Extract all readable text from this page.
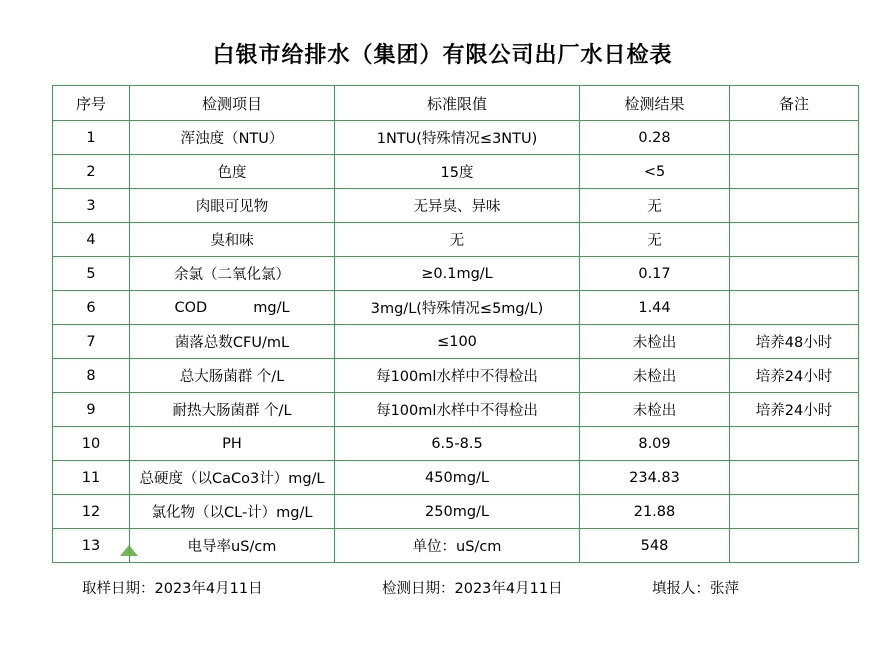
白银市给排水（集团）有限公司出厂水日检表
序号	检测项目	标准限值	检测结果	备注
1	浑浊度（NTU）	1NTU(特殊情况≤3NTU)	0.28	
2	色度	15度	<5	
3	肉眼可见物	无异臭、异味	无	
4	臭和味	无	无	
5	余氯（二氧化氯）	≥0.1mg/L	0.17	
6	COD          mg/L	3mg/L(特殊情况≤5mg/L)	1.44	
7	菌落总数CFU/mL	≤100	未检出	培养48小时
8	总大肠菌群 个/L	每100ml水样中不得检出	未检出	培养24小时
9	耐热大肠菌群 个/L	每100ml水样中不得检出	未检出	培养24小时
10	PH	6.5-8.5	8.09	
11	总硬度（以CaCo3计）mg/L	450mg/L	234.83	
12	氯化物（以CL-计）mg/L	250mg/L	21.88	
13	电导率uS/cm	单位：uS/cm	548	
取样日期：2023年4月11日	检测日期：2023年4月11日	填报人：张萍
